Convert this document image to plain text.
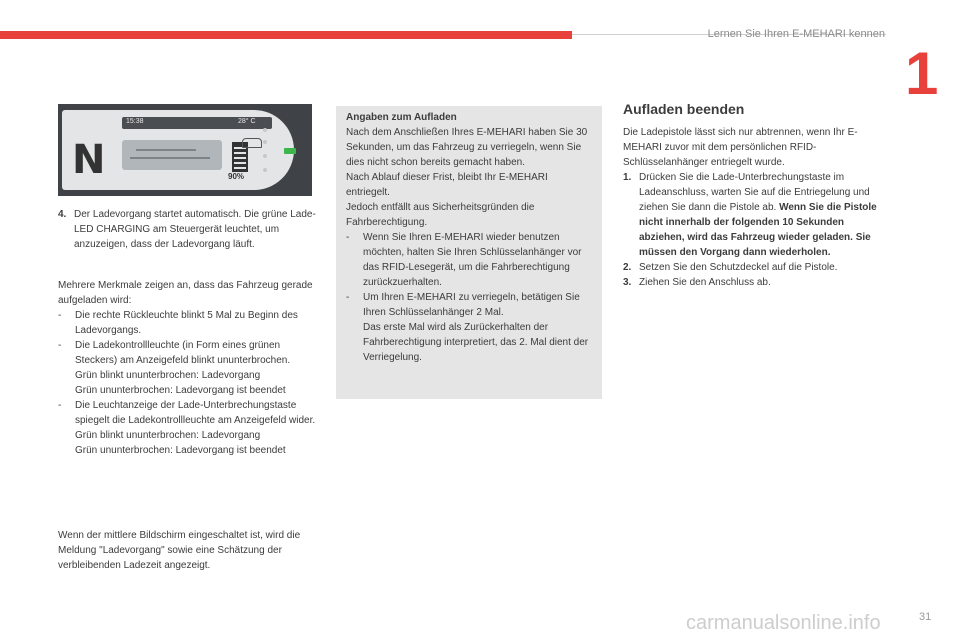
Lernen Sie Ihren E-MEHARI kennen
1
15:38	28° C
N	90%
4. Der Ladevorgang startet automatisch. Die grüne Lade-LED CHARGING am Steuergerät leuchtet, um anzuzeigen, dass der Ladevorgang läuft.

Mehrere Merkmale zeigen an, dass das Fahrzeug gerade aufgeladen wird:

- Die rechte Rückleuchte blinkt 5 Mal zu Beginn des Ladevorgangs.

- Die Ladekontrollleuchte (in Form eines grünen Steckers) am Anzeigefeld blinkt ununterbrochen.

Grün blinkt ununterbrochen: Ladevorgang

Grün ununterbrochen: Ladevorgang ist beendet

- Die Leuchtanzeige der Lade-Unterbrechungstaste spiegelt die Ladekontrollleuchte am Anzeigefeld wider.

Grün blinkt ununterbrochen: Ladevorgang

Grün ununterbrochen: Ladevorgang ist beendet

Wenn der mittlere Bildschirm eingeschaltet ist, wird die Meldung "Ladevorgang" sowie eine Schätzung der verbleibenden Ladezeit angezeigt.

Angaben zum Aufladen

Nach dem Anschließen Ihres E-MEHARI haben Sie 30 Sekunden, um das Fahrzeug zu verriegeln, wenn Sie dies nicht schon bereits gemacht haben.

Nach Ablauf dieser Frist, bleibt Ihr E-MEHARI entriegelt.

Jedoch entfällt aus Sicherheitsgründen die Fahrberechtigung.

- Wenn Sie Ihren E-MEHARI wieder benutzen möchten, halten Sie Ihren Schlüsselanhänger vor das RFID-Lesegerät, um die Fahrberechtigung zurückzuerhalten.

- Um Ihren E-MEHARI zu verriegeln, betätigen Sie Ihren Schlüsselanhänger 2 Mal.

Das erste Mal wird als Zurückerhalten der Fahrberechtigung interpretiert, das 2. Mal dient der Verriegelung.

Aufladen beenden

Die Ladepistole lässt sich nur abtrennen, wenn Ihr E-MEHARI zuvor mit dem persönlichen RFID-Schlüsselanhänger entriegelt wurde.

1. Drücken Sie die Lade-Unterbrechungstaste im Ladeanschluss, warten Sie auf die Entriegelung und ziehen Sie dann die Pistole ab. Wenn Sie die Pistole nicht innerhalb der folgenden 10 Sekunden abziehen, wird das Fahrzeug wieder geladen. Sie müssen den Vorgang dann wiederholen.

2. Setzen Sie den Schutzdeckel auf die Pistole.

3. Ziehen Sie den Anschluss ab.

31
carmanualsonline.info
